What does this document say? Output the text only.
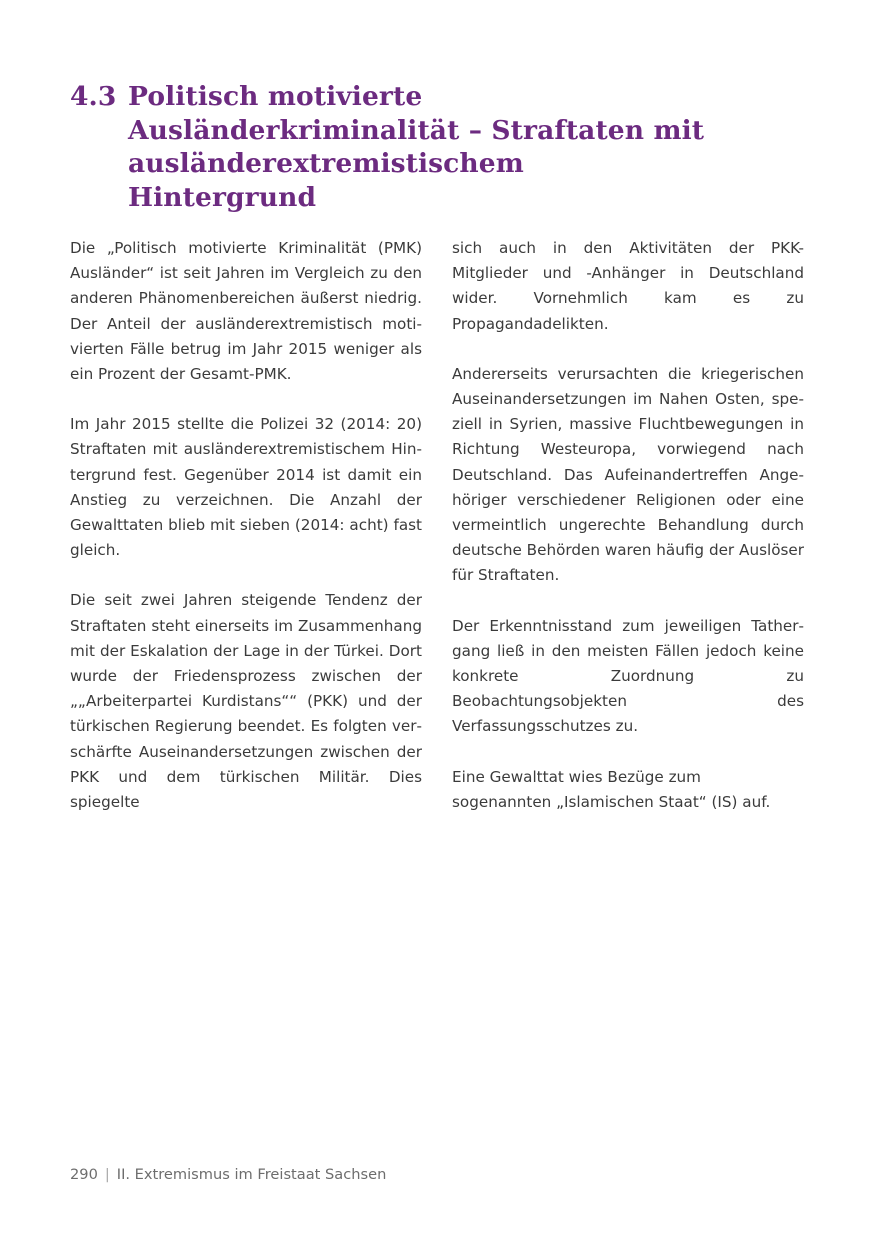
4.3 Politisch motivierte Ausländerkriminalität – Straftaten mit ausländerextremistischem Hintergrund

Die „Politisch motivierte Kriminalität (PMK) Ausländer“ ist seit Jahren im Vergleich zu den anderen Phänomenbereichen äußerst niedrig. Der Anteil der ausländerextremistisch motivierten Fälle betrug im Jahr 2015 weniger als ein Prozent der Gesamt-PMK.

Im Jahr 2015 stellte die Polizei 32 (2014: 20) Straftaten mit ausländerextremistischem Hintergrund fest. Gegenüber 2014 ist damit ein Anstieg zu verzeichnen. Die Anzahl der Gewalttaten blieb mit sieben (2014: acht) fast gleich.

Die seit zwei Jahren steigende Tendenz der Straftaten steht einerseits im Zusammenhang mit der Eskalation der Lage in der Türkei. Dort wurde der Friedensprozess zwischen der „„Arbeiterpartei Kurdistans““ (PKK) und der türkischen Regierung beendet. Es folgten verschärfte Auseinandersetzungen zwischen der PKK und dem türkischen Militär. Dies spiegelte

sich auch in den Aktivitäten der PKK-Mitglieder und -Anhänger in Deutschland wider. Vornehmlich kam es zu Propagandadelikten.

Andererseits verursachten die kriegerischen Auseinandersetzungen im Nahen Osten, speziell in Syrien, massive Fluchtbewegungen in Richtung Westeuropa, vorwiegend nach Deutschland. Das Aufeinandertreffen Angehöriger verschiedener Religionen oder eine vermeintlich ungerechte Behandlung durch deutsche Behörden waren häufig der Auslöser für Straftaten.

Der Erkenntnisstand zum jeweiligen Tathergang ließ in den meisten Fällen jedoch keine konkrete Zuordnung zu Beobachtungsobjekten des Verfassungsschutzes zu.

Eine Gewalttat wies Bezüge zum sogenannten „Islamischen Staat“ (IS) auf.

290 | II. Extremismus im Freistaat Sachsen
